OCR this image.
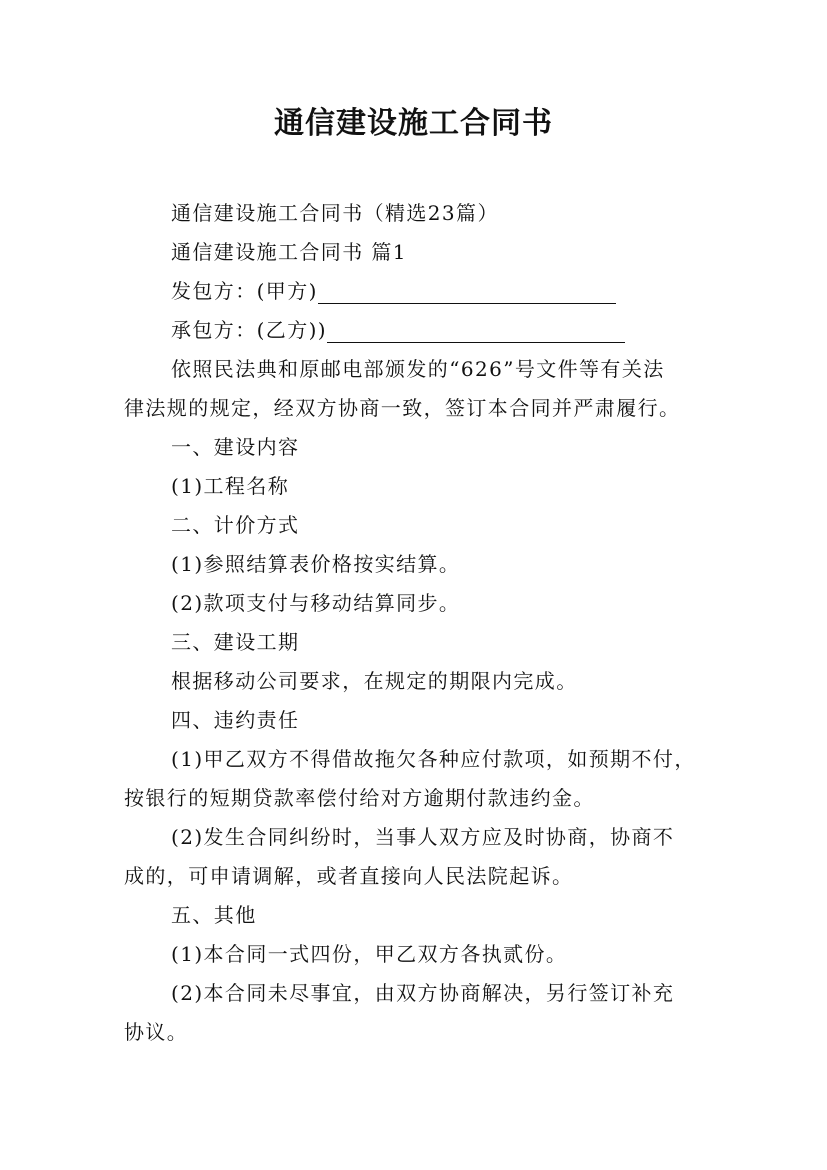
通信建设施工合同书

通信建设施工合同书（精选23篇）

通信建设施工合同书 篇1

发包方：(甲方)

承包方：(乙方))

依照民法典和原邮电部颁发的“626”号文件等有关法

律法规的规定，经双方协商一致，签订本合同并严肃履行。

一、建设内容

(1)工程名称

二、计价方式

(1)参照结算表价格按实结算。

(2)款项支付与移动结算同步。

三、建设工期

根据移动公司要求，在规定的期限内完成。

四、违约责任

(1)甲乙双方不得借故拖欠各种应付款项，如预期不付，

按银行的短期贷款率偿付给对方逾期付款违约金。

(2)发生合同纠纷时，当事人双方应及时协商，协商不

成的，可申请调解，或者直接向人民法院起诉。

五、其他

(1)本合同一式四份，甲乙双方各执贰份。

(2)本合同未尽事宜，由双方协商解决，另行签订补充

协议。
